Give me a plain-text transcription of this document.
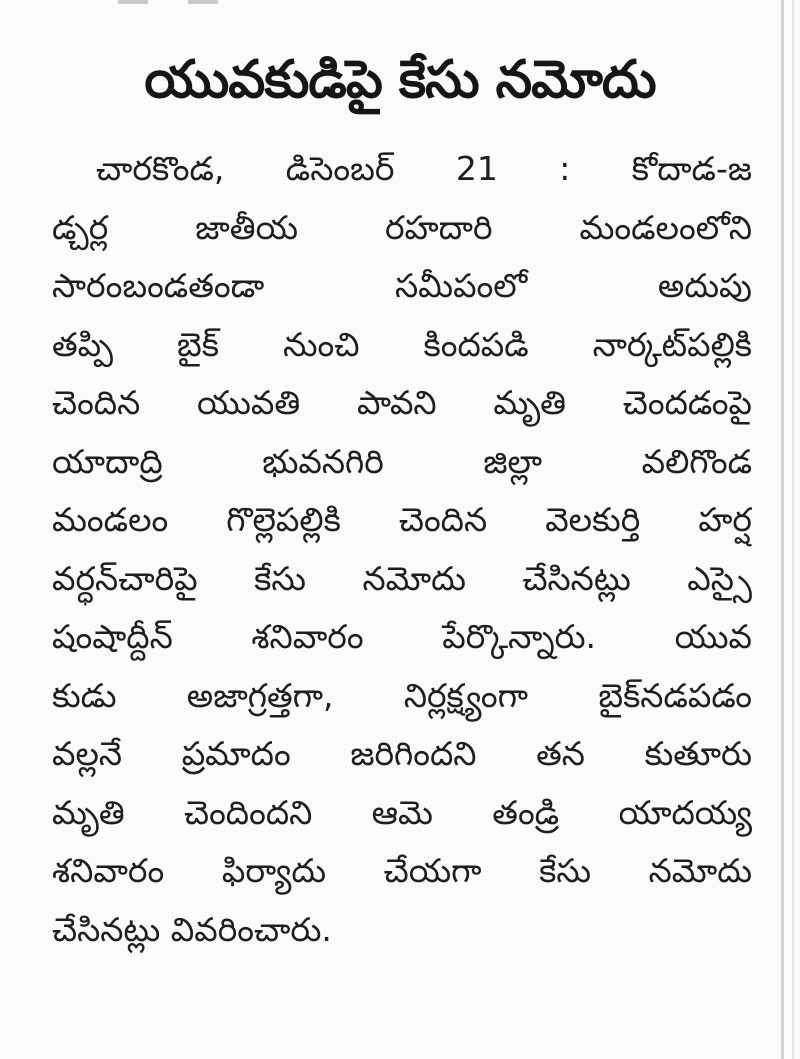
యువకుడిపై కేసు నమోదు
చారకొండ, డిసెంబర్ 21 : కోదాడ-జ
డ్చర్ల జాతీయ రహదారి మండలంలోని
సారంబండతండా సమీపంలో అదుపు
తప్పి బైక్ నుంచి కిందపడి నార్కట్‌పల్లికి
చెందిన యువతి పావని మృతి చెందడంపై
యాదాద్రి భువనగిరి జిల్లా వలిగొండ
మండలం గొల్లెపల్లికి చెందిన వెలకుర్తి హర్ష
వర్ధన్‌చారిపై కేసు నమోదు చేసినట్లు ఎస్సై
షంషాద్దీన్ శనివారం పేర్కొన్నారు. యువ
కుడు అజాగ్రత్తగా, నిర్లక్ష్యంగా బైక్‌నడపడం
వల్లనే ప్రమాదం జరిగిందని తన కుతూరు
మృతి చెందిందని ఆమె తండ్రి యాదయ్య
శనివారం ఫిర్యాదు చేయగా కేసు నమోదు
చేసినట్లు వివరించారు.
